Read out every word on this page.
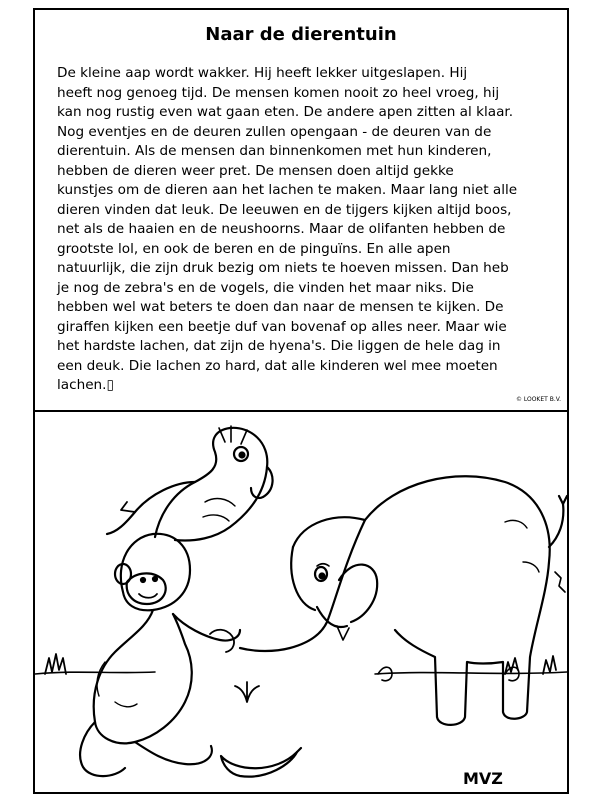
Naar de dierentuin
De kleine aap wordt wakker. Hij heeft lekker uitgeslapen. Hij
heeft nog genoeg tijd. De mensen komen nooit zo heel vroeg, hij
kan nog rustig even wat gaan eten. De andere apen zitten al klaar.
Nog eventjes en de deuren zullen opengaan - de deuren van de
dierentuin. Als de mensen dan binnenkomen met hun kinderen,
hebben de dieren weer pret. De mensen doen altijd gekke
kunstjes om de dieren aan het lachen te maken. Maar lang niet alle
dieren vinden dat leuk. De leeuwen en de tijgers kijken altijd boos,
net als de haaien en de neushoorns. Maar de olifanten hebben de
grootste lol, en ook de beren en de pinguïns. En alle apen
natuurlijk, die zijn druk bezig om niets te hoeven missen. Dan heb
je nog de zebra's en de vogels, die vinden het maar niks. Die
hebben wel wat beters te doen dan naar de mensen te kijken. De
giraffen kijken een beetje duf van bovenaf op alles neer. Maar wie
het hardste lachen, dat zijn de hyena's. Die liggen de hele dag in
een deuk. Die lachen zo hard, dat alle kinderen wel mee moeten
lachen.▯
© LOOKET B.V.
MVZ
